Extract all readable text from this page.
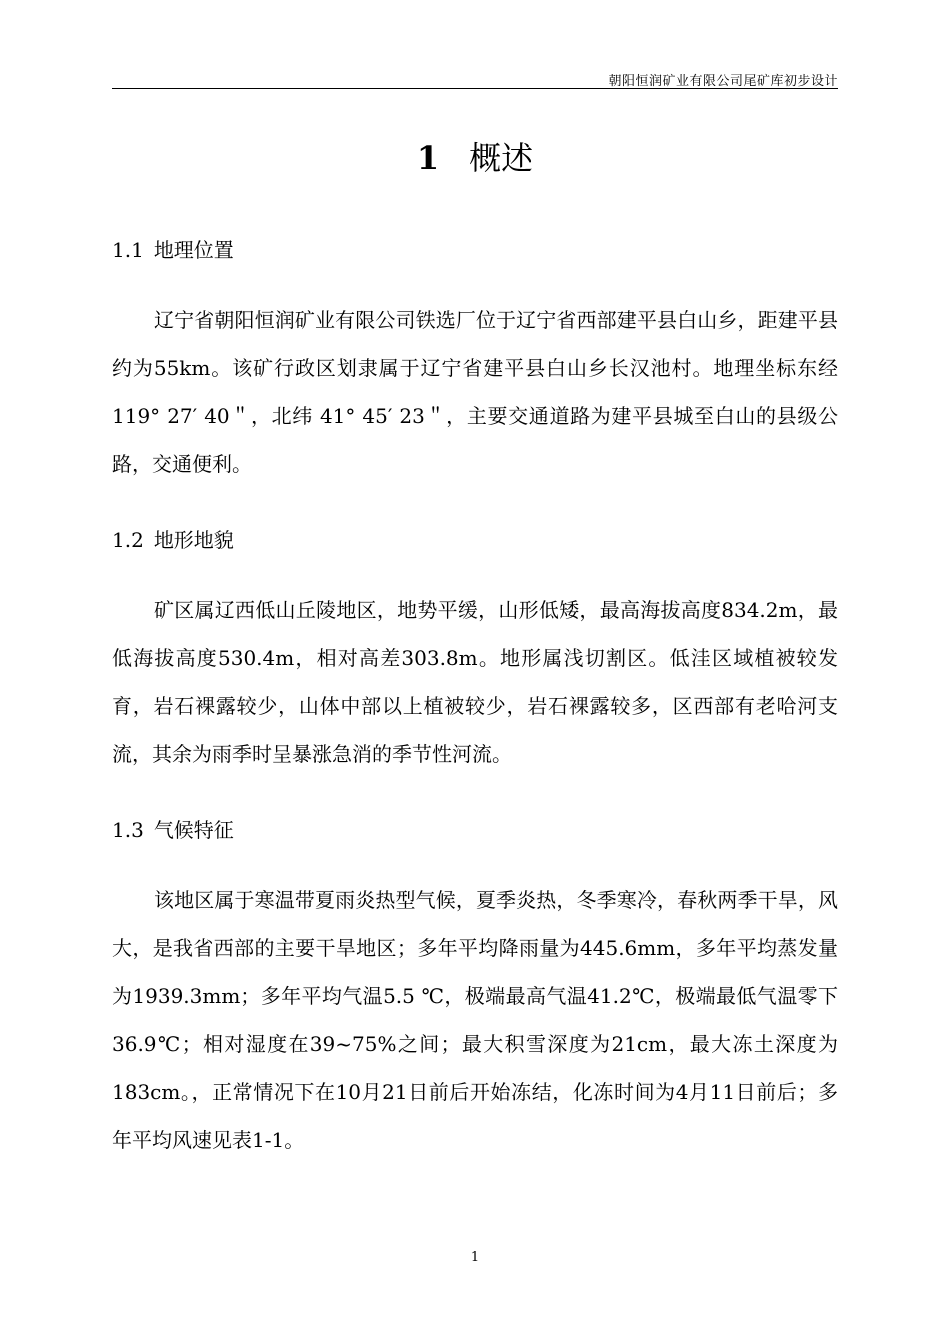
朝阳恒润矿业有限公司尾矿库初步设计
1 概述
1.1 地理位置

辽宁省朝阳恒润矿业有限公司铁选厂位于辽宁省西部建平县白山乡，距建平县约为55km。该矿行政区划隶属于辽宁省建平县白山乡长汉池村。地理坐标东经 119° 27′ 40＂，北纬 41° 45′ 23＂，主要交通道路为建平县城至白山的县级公路，交通便利。

1.2 地形地貌

矿区属辽西低山丘陵地区，地势平缓，山形低矮，最高海拔高度834.2m，最低海拔高度530.4m，相对高差303.8m。地形属浅切割区。低洼区域植被较发育，岩石裸露较少，山体中部以上植被较少，岩石裸露较多，区西部有老哈河支流，其余为雨季时呈暴涨急消的季节性河流。

1.3 气候特征

该地区属于寒温带夏雨炎热型气候，夏季炎热，冬季寒冷，春秋两季干旱，风大，是我省西部的主要干旱地区；多年平均降雨量为445.6mm，多年平均蒸发量为1939.3mm；多年平均气温5.5 ℃，极端最高气温41.2℃，极端最低气温零下36.9℃；相对湿度在39~75%之间；最大积雪深度为21cm，最大冻土深度为183cm。，正常情况下在10月21日前后开始冻结，化冻时间为4月11日前后；多年平均风速见表1-1。

1
